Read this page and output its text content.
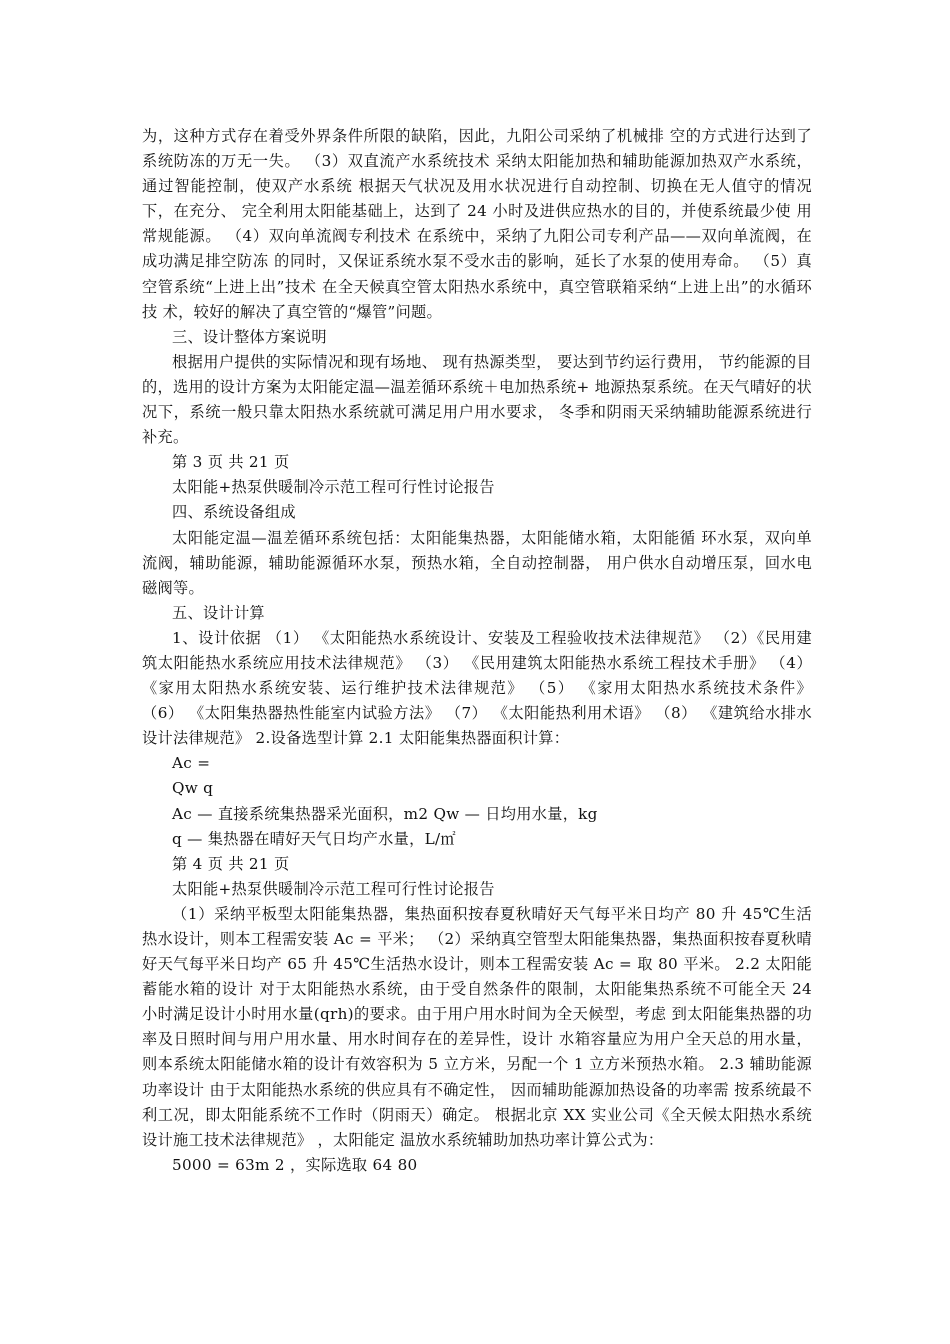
为，这种方式存在着受外界条件所限的缺陷，因此，九阳公司采纳了机械排 空的方式进行达到了系统防冻的万无一失。 （3）双直流产水系统技术 采纳太阳能加热和辅助能源加热双产水系统，通过智能控制，使双产水系统 根据天气状况及用水状况进行自动控制、切换在无人值守的情况下，在充分、 完全利用太阳能基础上，达到了 24 小时及进供应热水的目的，并使系统最少使 用常规能源。 （4）双向单流阀专利技术 在系统中，采纳了九阳公司专利产品——双向单流阀，在成功满足排空防冻 的同时，又保证系统水泵不受水击的影响，延长了水泵的使用寿命。 （5）真空管系统“上进上出”技术 在全天候真空管太阳热水系统中，真空管联箱采纳“上进上出”的水循环技 术，较好的解决了真空管的“爆管”问题。

三、设计整体方案说明

根据用户提供的实际情况和现有场地、 现有热源类型， 要达到节约运行费用， 节约能源的目的，选用的设计方案为太阳能定温—温差循环系统＋电加热系统+ 地源热泵系统。在天气晴好的状况下，系统一般只靠太阳热水系统就可满足用户用水要求， 冬季和阴雨天采纳辅助能源系统进行补充。

第 3 页 共 21 页

太阳能+热泵供暖制冷示范工程可行性讨论报告

四、系统设备组成

太阳能定温—温差循环系统包括：太阳能集热器，太阳能储水箱，太阳能循 环水泵，双向单流阀，辅助能源，辅助能源循环水泵，预热水箱，全自动控制器， 用户供水自动增压泵，回水电磁阀等。

五、设计计算

1、设计依据 （1） 《太阳能热水系统设计、安装及工程验收技术法律规范》 （2）《民用建筑太阳能热水系统应用技术法律规范》 （3） 《民用建筑太阳能热水系统工程技术手册》 （4） 《家用太阳热水系统安装、运行维护技术法律规范》 （5） 《家用太阳热水系统技术条件》 （6） 《太阳集热器热性能室内试验方法》 （7） 《太阳能热利用术语》 （8） 《建筑给水排水设计法律规范》 2.设备选型计算 2.1 太阳能集热器面积计算：

Ac =

Qw q

Ac — 直接系统集热器采光面积，m2 Qw — 日均用水量，kg

q — 集热器在晴好天气日均产水量，L/㎡

第 4 页 共 21 页

太阳能+热泵供暖制冷示范工程可行性讨论报告

（1）采纳平板型太阳能集热器，集热面积按春夏秋晴好天气每平米日均产 80 升 45℃生活热水设计，则本工程需安装 Ac = 平米； （2）采纳真空管型太阳能集热器，集热面积按春夏秋晴好天气每平米日均产 65 升 45℃生活热水设计，则本工程需安装 Ac = 取 80 平米。 2.2 太阳能蓄能水箱的设计 对于太阳能热水系统，由于受自然条件的限制，太阳能集热系统不可能全天 24 小时满足设计小时用水量(qrh)的要求。由于用户用水时间为全天候型，考虑 到太阳能集热器的功率及日照时间与用户用水量、用水时间存在的差异性，设计 水箱容量应为用户全天总的用水量，则本系统太阳能储水箱的设计有效容积为 5 立方米，另配一个 1 立方米预热水箱。 2.3 辅助能源功率设计 由于太阳能热水系统的供应具有不确定性， 因而辅助能源加热设备的功率需 按系统最不利工况，即太阳能系统不工作时（阴雨天）确定。 根据北京 XX 实业公司《全天候太阳热水系统设计施工技术法律规范》 ，太阳能定 温放水系统辅助加热功率计算公式为：

5000 = 63m 2 ，实际选取 64 80
